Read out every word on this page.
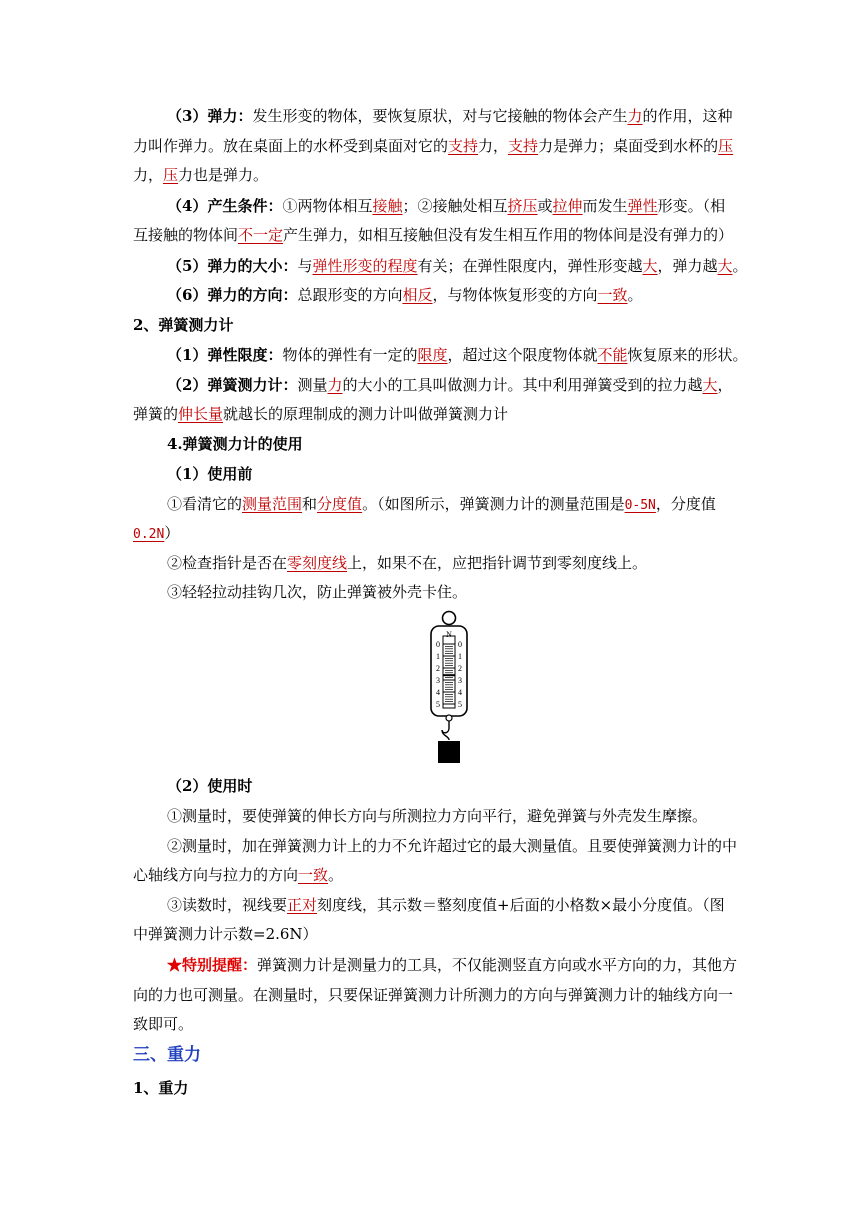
（3）弹力：发生形变的物体，要恢复原状，对与它接触的物体会产生力的作用，这种
力叫作弹力。放在桌面上的水杯受到桌面对它的支持力，支持力是弹力；桌面受到水杯的压
力，压力也是弹力。
（4）产生条件：①两物体相互接触；②接触处相互挤压或拉伸而发生弹性形变。（相
互接触的物体间不一定产生弹力，如相互接触但没有发生相互作用的物体间是没有弹力的）
（5）弹力的大小：与弹性形变的程度有关；在弹性限度内，弹性形变越大，弹力越大。
（6）弹力的方向：总跟形变的方向相反，与物体恢复形变的方向一致。
2、弹簧测力计
（1）弹性限度：物体的弹性有一定的限度，超过这个限度物体就不能恢复原来的形状。
（2）弹簧测力计：测量力的大小的工具叫做测力计。其中利用弹簧受到的拉力越大，
弹簧的伸长量就越长的原理制成的测力计叫做弹簧测力计
4.弹簧测力计的使用
（1）使用前
①看清它的测量范围和分度值。（如图所示，弹簧测力计的测量范围是0-5N，分度值
0.2N）
②检查指针是否在零刻度线上，如果不在，应把指针调节到零刻度线上。
③轻轻拉动挂钩几次，防止弹簧被外壳卡住。
N
0 0
1 1
2 2
3 3
4 4
5 5
（2）使用时
①测量时，要使弹簧的伸长方向与所测拉力方向平行，避免弹簧与外壳发生摩擦。
②测量时，加在弹簧测力计上的力不允许超过它的最大测量值。且要使弹簧测力计的中
心轴线方向与拉力的方向一致。
③读数时，视线要正对刻度线，其示数＝整刻度值+后面的小格数×最小分度值。（图
中弹簧测力计示数=2.6N）
★特别提醒：弹簧测力计是测量力的工具，不仅能测竖直方向或水平方向的力，其他方
向的力也可测量。在测量时，只要保证弹簧测力计所测力的方向与弹簧测力计的轴线方向一
致即可。
三、重力
1、重力
